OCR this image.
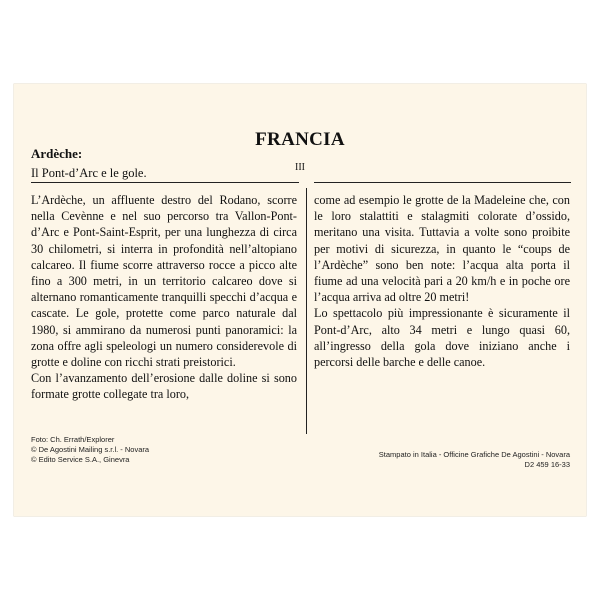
FRANCIA
Ardèche:
Il Pont-d’Arc e le gole.	III

L’Ardèche, un affluente destro del Rodano, scorre nella Cevènne e nel suo percorso tra Vallon-Pont-d’Arc e Pont-Saint-Esprit, per una lunghezza di circa 30 chilometri, si interra in profondità nell’altopiano calcareo. Il fiume scorre attraverso rocce a picco alte fino a 300 metri, in un territorio calcareo dove si alternano romanticamente tranquilli specchi d’acqua e cascate. Le gole, protette come parco naturale dal 1980, si ammirano da numerosi punti panoramici: la zona offre agli speleologi un numero considerevole di grotte e doline con ricchi strati preistorici.

Con l’avanzamento dell’erosione dalle doline si sono formate grotte collegate tra loro,

come ad esempio le grotte de la Madeleine che, con le loro stalattiti e stalagmiti colorate d’ossido, meritano una visita. Tuttavia a volte sono proibite per motivi di sicurezza, in quanto le “coups de l’Ardèche” sono ben note: l’acqua alta porta il fiume ad una velocità pari a 20 km/h e in poche ore l’acqua arriva ad oltre 20 metri!

Lo spettacolo più impressionante è sicuramente il Pont-d’Arc, alto 34 metri e lungo quasi 60, all’ingresso della gola dove iniziano anche i percorsi delle barche e delle canoe.

Foto: Ch. Errath/Explorer
© De Agostini Mailing s.r.l. - Novara
© Edito Service S.A., Ginevra
Stampato in Italia - Officine Grafiche De Agostini - Novara
D2 459 16-33
